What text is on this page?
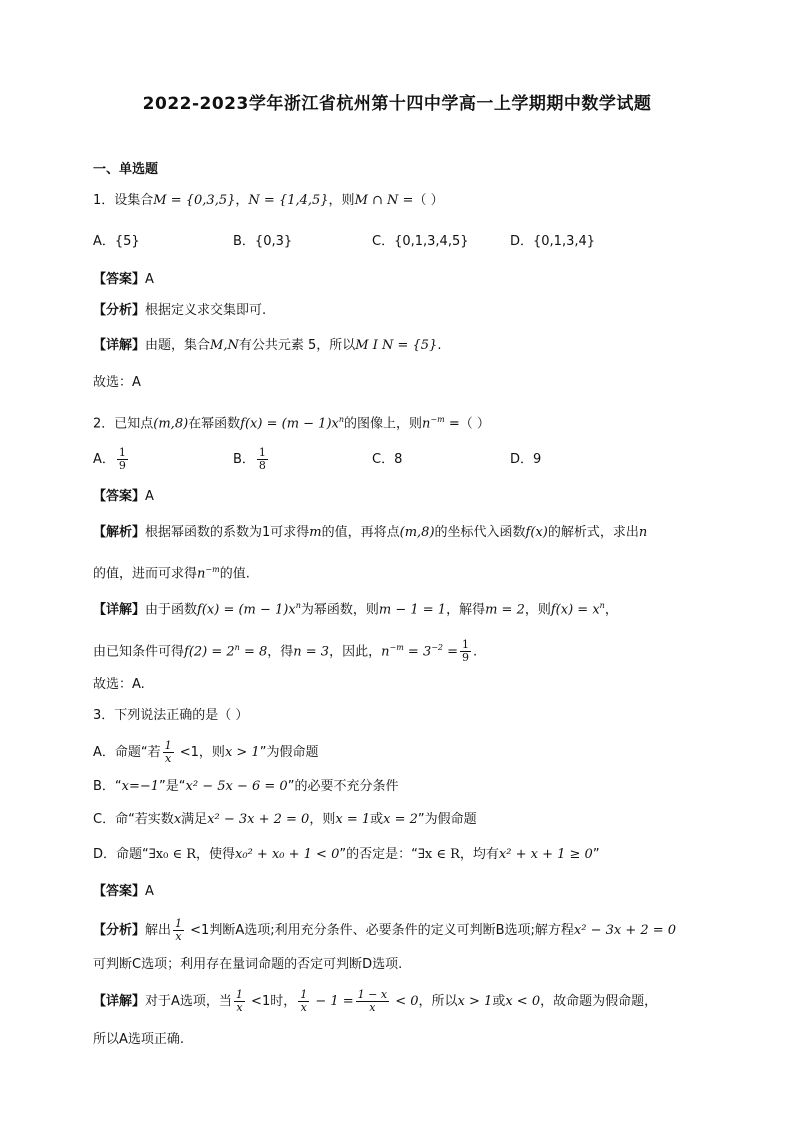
2022-2023学年浙江省杭州第十四中学高一上学期期中数学试题
一、单选题
1．设集合M = {0,3,5}，N = {1,4,5}，则M ∩ N =（ ）
A．{5}	B．{0,3}	C．{0,1,3,4,5}	D．{0,1,3,4}
【答案】A
【分析】根据定义求交集即可.
【详解】由题，集合M,N有公共元素 5，所以M I N = {5}.
故选：A
2．已知点(m,8)在幂函数$f(x) = (m - 1)x^n$的图像上，则$n^{-m}$ =（ ）
A． $\frac{1}{9}$	B． $\frac{1}{8}$	C．8	D．9
【答案】A
【解析】根据幂函数的系数为1可求得m的值，再将点(m,8)的坐标代入函数f(x)的解析式，求出n
的值，进而可求得$n^{-m}$的值.
【详解】由于函数$f(x) = (m - 1)x^n$为幂函数，则m − 1 = 1，解得m = 2，则$f(x) = x^n$，
由已知条件可得$f(2) = 2^n = 8$，得n = 3，因此，$n^{-m} = 3^{-2} = \frac{1}{9}$ .
故选：A.
3．下列说法正确的是（ ）
A．命题“若 $\frac{1}{x} <1$，则x > 1”为假命题
B．“x=−1”是“x² − 5x − 6 = 0”的必要不充分条件
C．命“若实数x满足x² − 3x + 2 = 0，则x = 1或x = 2”为假命题
D．命题“∃x₀ ∈ R，使得x₀² + x₀ + 1 < 0”的否定是：“∃x ∈ R，均有x² + x + 1 ≥ 0”
【答案】A
【分析】解出 $\frac{1}{x} <1$判断A选项;利用充分条件、必要条件的定义可判断B选项;解方程x² − 3x + 2 = 0
可判断C选项；利用存在量词命题的否定可判断D选项.
【详解】对于A选项，当 $\frac{1}{x} <1$时， $\frac{1}{x} - 1 = \frac{1 - x}{x} < 0$，所以x > 1或x < 0，故命题为假命题，
所以A选项正确.
